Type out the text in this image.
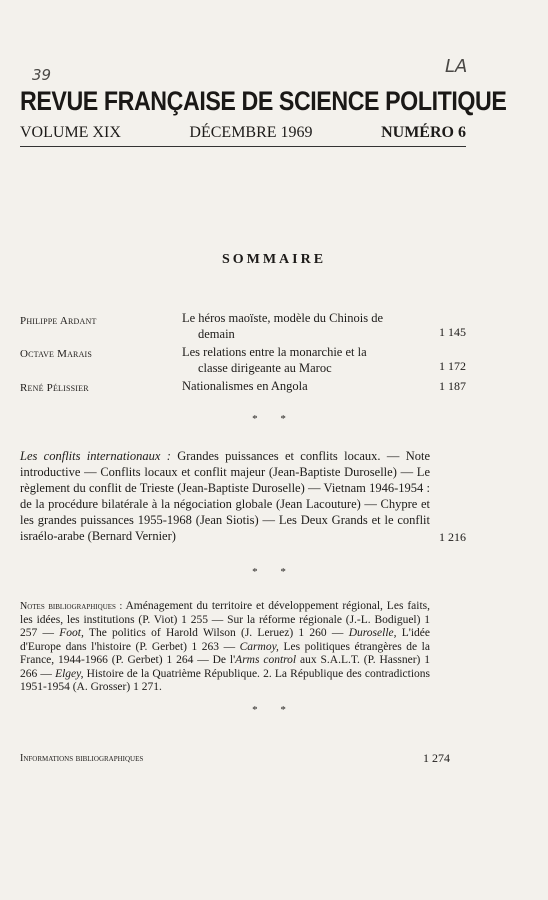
39	LA
REVUE FRANÇAISE DE SCIENCE POLITIQUE
VOLUME XIX	DÉCEMBRE 1969	NUMÉRO 6
SOMMAIRE
Philippe Ardant	Le héros maoïste, modèle du Chinois de
demain	1 145
Octave Marais	Les relations entre la monarchie et la
classe dirigeante au Maroc	1 172
René Pélissier	Nationalismes en Angola	1 187
* *
Les conflits internationaux : Grandes puissances et conflits locaux. — Note introductive — Conflits locaux et conflit majeur (Jean-Baptiste Duroselle) — Le règlement du conflit de Trieste (Jean-Baptiste Duroselle) — Vietnam 1946-1954 : de la procédure bilatérale à la négociation globale (Jean Lacouture) — Chypre et les grandes puissances 1955-1968 (Jean Siotis) — Les Deux Grands et le conflit israélo-arabe (Bernard Vernier)	1 216
* *
Notes bibliographiques : Aménagement du territoire et développement régional, Les faits, les idées, les institutions (P. Viot) 1 255 — Sur la réforme régionale (J.-L. Bodiguel) 1 257 — Foot, The politics of Harold Wilson (J. Leruez) 1 260 — Duroselle, L'idée d'Europe dans l'histoire (P. Gerbet) 1 263 — Carmoy, Les politiques étrangères de la France, 1944-1966 (P. Gerbet) 1 264 — De l'Arms control aux S.A.L.T. (P. Hassner) 1 266 — Elgey, Histoire de la Quatrième République. 2. La République des contradictions 1951-1954 (A. Grosser) 1 271.
* *
Informations bibliographiques	1 274
